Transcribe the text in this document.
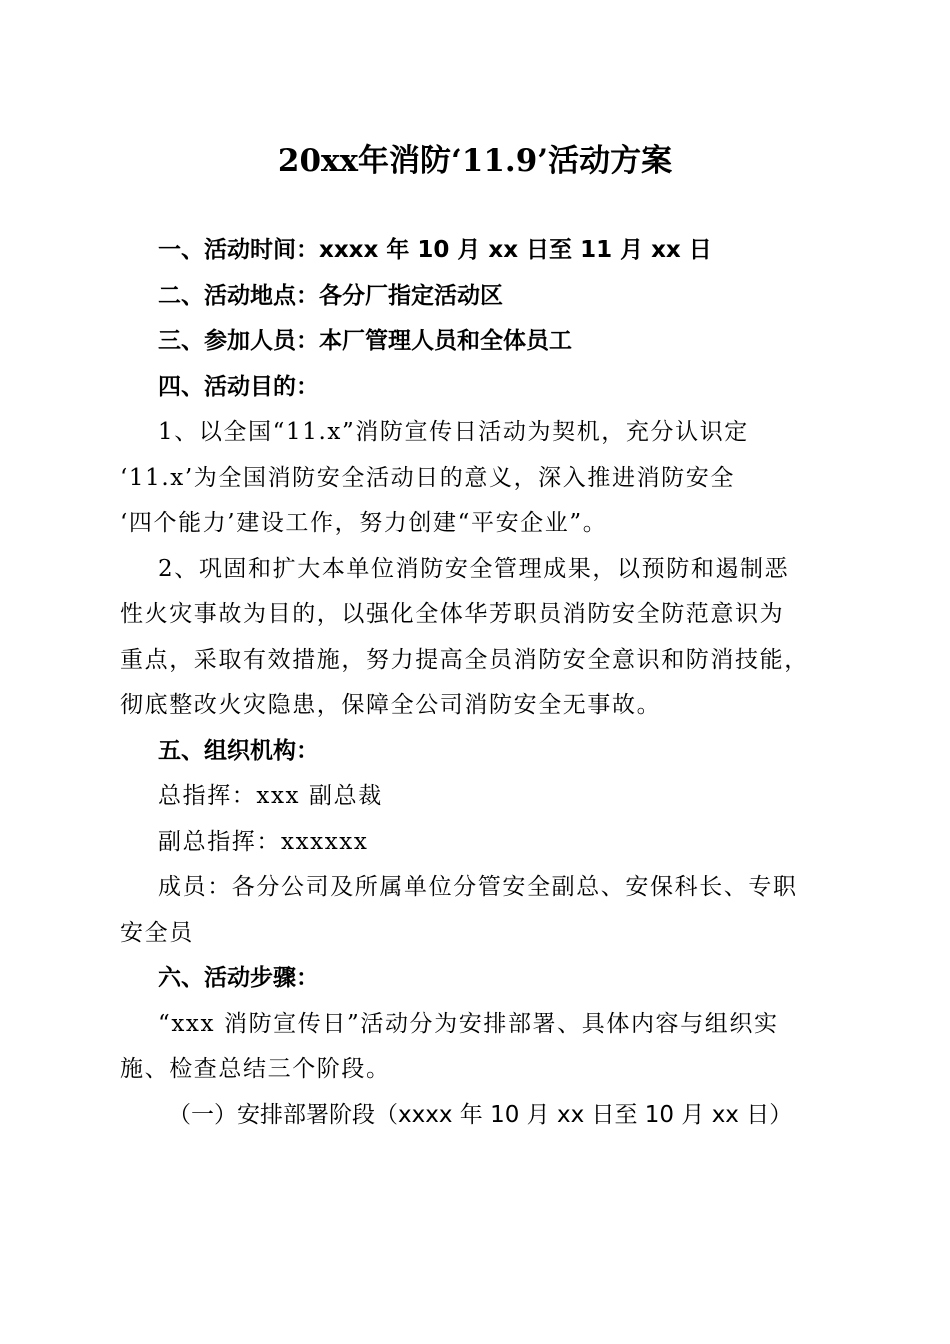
20xx年消防‘11.9’活动方案
一、活动时间：xxxx 年 10 月 xx 日至 11 月 xx 日
二、活动地点：各分厂指定活动区
三、参加人员：本厂管理人员和全体员工
四、活动目的：
1、以全国“11.x”消防宣传日活动为契机，充分认识定
‘11.x’为全国消防安全活动日的意义，深入推进消防安全
‘四个能力’建设工作，努力创建“平安企业”。
2、巩固和扩大本单位消防安全管理成果，以预防和遏制恶
性火灾事故为目的，以强化全体华芳职员消防安全防范意识为
重点，采取有效措施，努力提高全员消防安全意识和防消技能，
彻底整改火灾隐患，保障全公司消防安全无事故。
五、组织机构：
总指挥：xxx 副总裁
副总指挥：xxxxxx
成员：各分公司及所属单位分管安全副总、安保科长、专职
安全员
六、活动步骤：
“xxx 消防宣传日”活动分为安排部署、具体内容与组织实
施、检查总结三个阶段。
（一）安排部署阶段（xxxx 年 10 月 xx 日至 10 月 xx 日）
